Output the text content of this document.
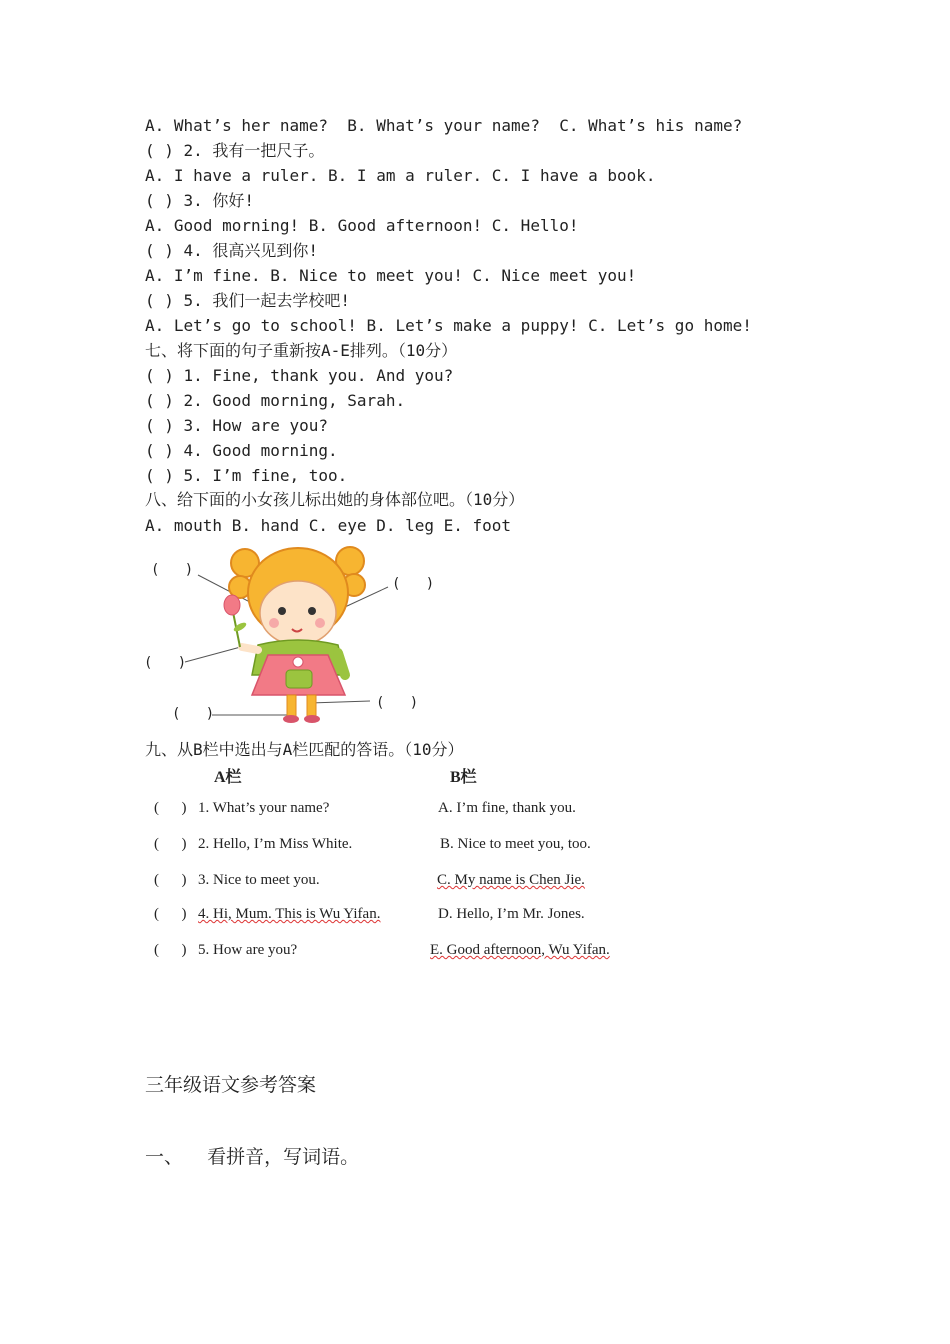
A. What’s her name?  B. What’s your name?  C. What’s his name?
( ) 2. 我有一把尺子。
A. I have a ruler. B. I am a ruler. C. I have a book.
( ) 3. 你好!
A. Good morning! B. Good afternoon! C. Hello!
( ) 4. 很高兴见到你!
A. I’m fine. B. Nice to meet you! C. Nice meet you!
( ) 5. 我们一起去学校吧!
A. Let’s go to school! B. Let’s make a puppy! C. Let’s go home!
七、将下面的句子重新按A-E排列。（10分）
( ) 1. Fine, thank you. And you?
( ) 2. Good morning, Sarah.
( ) 3. How are you?
( ) 4. Good morning.
( ) 5. I’m fine, too.
八、给下面的小女孩儿标出她的身体部位吧。（10分）
A. mouth B. hand C. eye D. leg E. foot
(   )
(   )
(   )
(   )
(   )
九、从B栏中选出与A栏匹配的答语。（10分）
A栏	B栏
(      ) 1. What’s your name?	A. I’m fine, thank you.
(      ) 2. Hello, I’m Miss White.	B. Nice to meet you, too.
(      ) 3. Nice to meet you.	C. My name is Chen Jie.
(      ) 4. Hi, Mum. This is Wu Yifan.	D. Hello, I’m Mr. Jones.
(      ) 5. How are you?	E. Good afternoon, Wu Yifan.
三年级语文参考答案
一、    看拼音，写词语。
